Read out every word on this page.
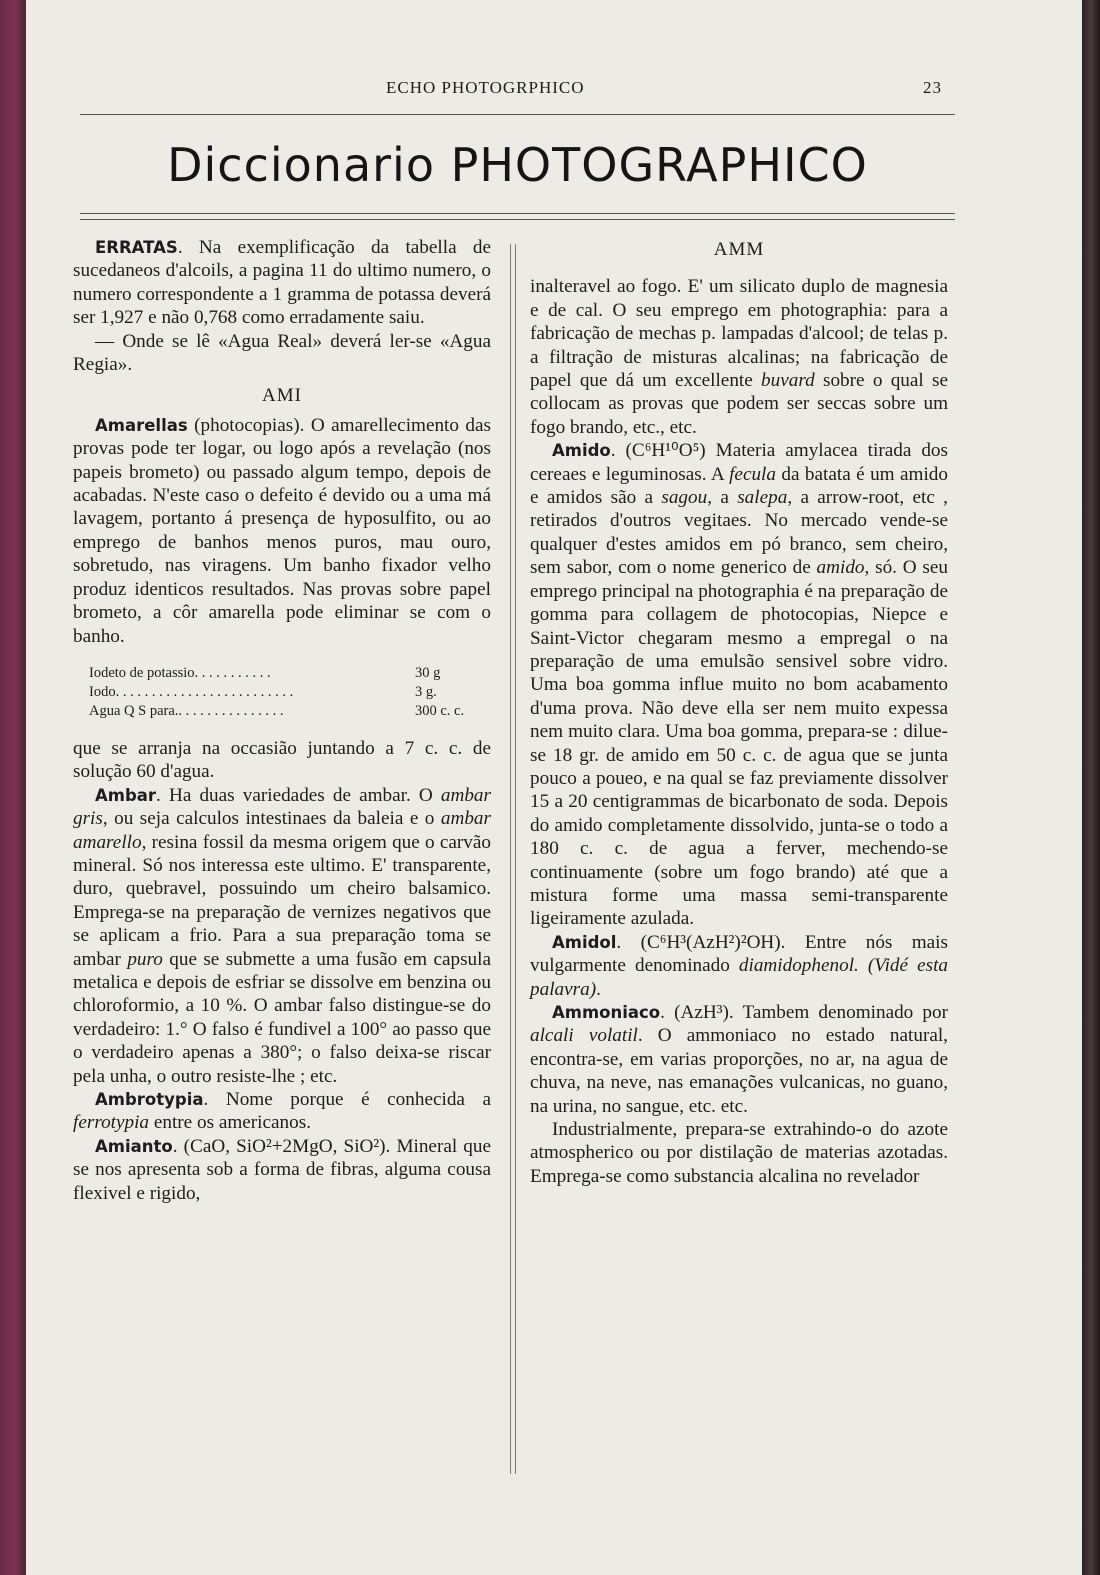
ECHO PHOTOGRPHICO	23
Diccionario PHOTOGRAPHICO

ERRATAS. Na exemplificação da tabella de sucedaneos d'alcoils, a pagina 11 do ultimo numero, o numero correspondente a 1 gramma de potassa deverá ser 1,927 e não 0,768 como erradamente saiu.

— Onde se lê «Agua Real» deverá ler-se «Agua Regia».

AMI

Amarellas (photocopias). O amarellecimento das provas pode ter logar, ou logo após a revelação (nos papeis brometo) ou passado algum tempo, depois de acabadas. N'este caso o defeito é devido ou a uma má lavagem, portanto á presença de hyposulfito, ou ao emprego de banhos menos puros, mau ouro, sobretudo, nas viragens. Um banho fixador velho produz identicos resultados. Nas provas sobre papel brometo, a côr amarella pode eliminar se com o banho.

Iodeto de potassio. . . . . . . . . . .	30 g
Iodo. . . . . . . . . . . . . . . . . . . . . . . . .	3 g.
Agua Q S para.. . . . . . . . . . . . . . .	300 c. c.

que se arranja na occasião juntando a 7 c. c. de solução 60 d'agua.

Ambar. Ha duas variedades de ambar. O ambar gris, ou seja calculos intestinaes da baleia e o ambar amarello, resina fossil da mesma origem que o carvão mineral. Só nos interessa este ultimo. E' transparente, duro, quebravel, possuindo um cheiro balsamico. Emprega-se na preparação de vernizes negativos que se aplicam a frio. Para a sua preparação toma se ambar puro que se submette a uma fusão em capsula metalica e depois de esfriar se dissolve em benzina ou chloroformio, a 10 %. O ambar falso distingue-se do verdadeiro: 1.° O falso é fundivel a 100° ao passo que o verdadeiro apenas a 380°; o falso deixa-se riscar pela unha, o outro resiste-lhe ; etc.

Ambrotypia. Nome porque é conhecida a ferrotypia entre os americanos.

Amianto. (CaO, SiO²+2MgO, SiO²). Mineral que se nos apresenta sob a forma de fibras, alguma cousa flexivel e rigido,

AMM

inalteravel ao fogo. E' um silicato duplo de magnesia e de cal. O seu emprego em photographia: para a fabricação de mechas p. lampadas d'alcool; de telas p. a filtração de misturas alcalinas; na fabricação de papel que dá um excellente buvard sobre o qual se collocam as provas que podem ser seccas sobre um fogo brando, etc., etc.

Amido. (C⁶H¹⁰O⁵) Materia amylacea tirada dos cereaes e leguminosas. A fecula da batata é um amido e amidos são a sagou, a salepa, a arrow-root, etc , retirados d'outros vegitaes. No mercado vende-se qualquer d'estes amidos em pó branco, sem cheiro, sem sabor, com o nome generico de amido, só. O seu emprego principal na photographia é na preparação de gomma para collagem de photocopias, Niepce e Saint-Victor chegaram mesmo a empregal o na preparação de uma emulsão sensivel sobre vidro. Uma boa gomma influe muito no bom acabamento d'uma prova. Não deve ella ser nem muito expessa nem muito clara. Uma boa gomma, prepara-se : dilue-se 18 gr. de amido em 50 c. c. de agua que se junta pouco a poueo, e na qual se faz previamente dissolver 15 a 20 centigrammas de bicarbonato de soda. Depois do amido completamente dissolvido, junta-se o todo a 180 c. c. de agua a ferver, mechendo-se continuamente (sobre um fogo brando) até que a mistura forme uma massa semi-transparente ligeiramente azulada.

Amidol. (C⁶H³(AzH²)²OH). Entre nós mais vulgarmente denominado diamidophenol. (Vidé esta palavra).

Ammoniaco. (AzH³). Tambem denominado por alcali volatil. O ammoniaco no estado natural, encontra-se, em varias proporções, no ar, na agua de chuva, na neve, nas emanações vulcanicas, no guano, na urina, no sangue, etc. etc.

Industrialmente, prepara-se extrahindo-o do azote atmospherico ou por distilação de materias azotadas. Emprega-se como substancia alcalina no revelador
